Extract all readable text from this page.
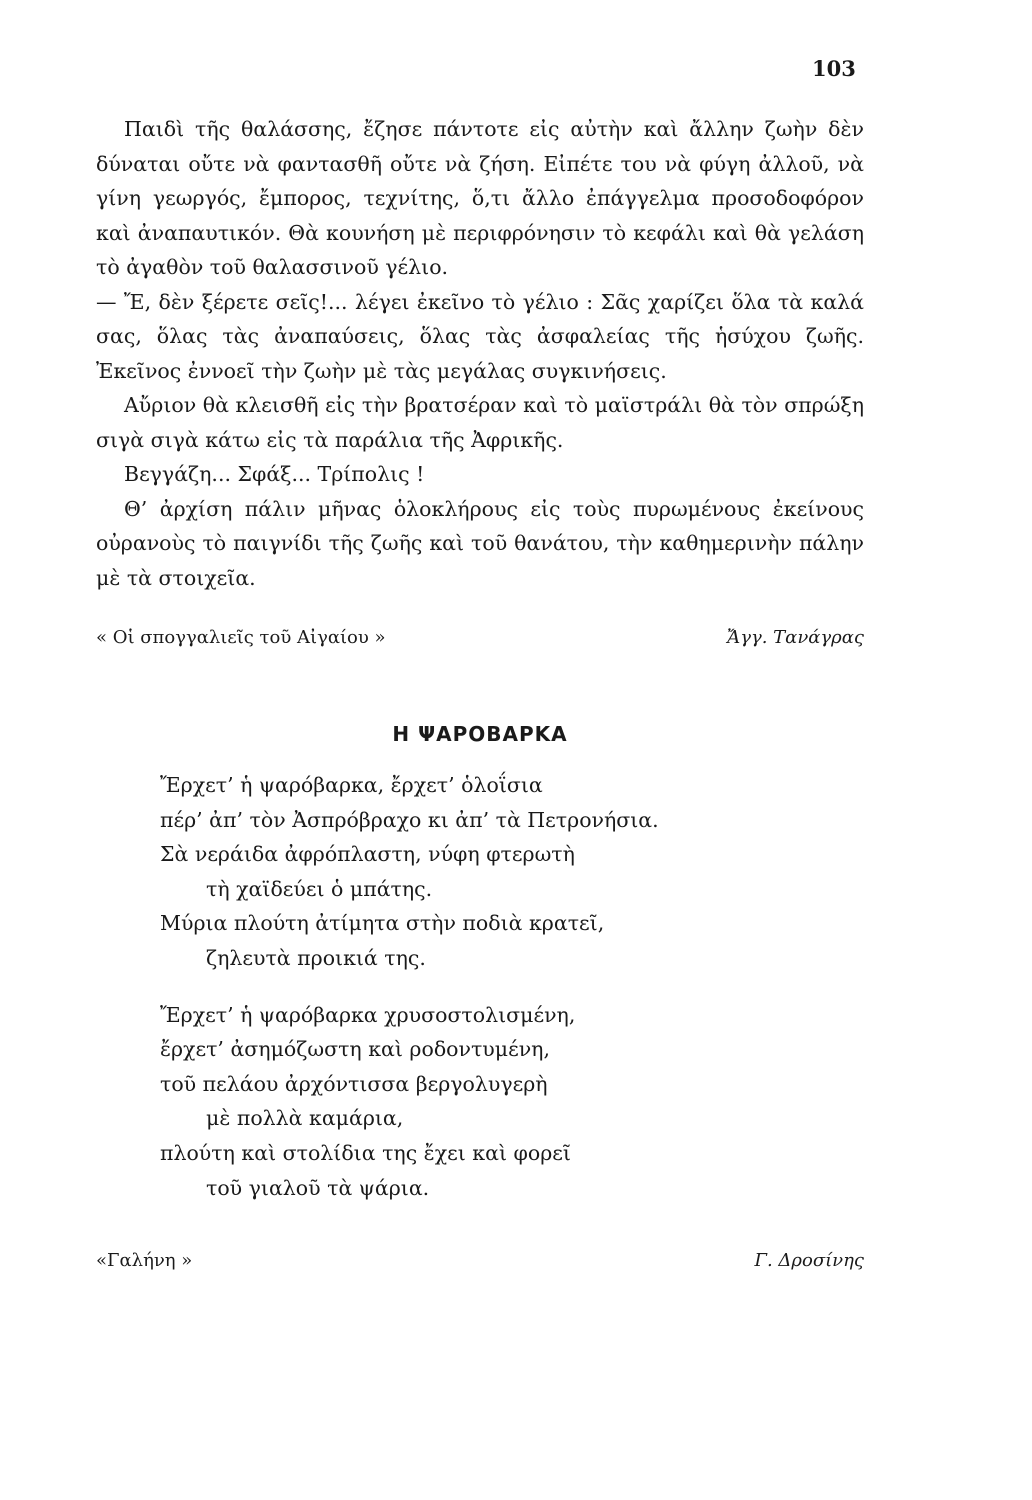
103

Παιδὶ τῆς θαλάσσης, ἔζησε πάντοτε εἰς αὐτὴν καὶ ἄλλην ζωὴν δὲν δύναται οὔτε νὰ φαντασθῆ οὔτε νὰ ζήση. Εἰπέτε του νὰ φύγη ἀλλοῦ, νὰ γίνη γεωργός, ἔμπορος, τεχνίτης, ὅ,τι ἄλλο ἐπάγγελμα προσοδοφόρον καὶ ἀναπαυτικόν. Θὰ κουνήση μὲ περιφρόνησιν τὸ κεφάλι καὶ θὰ γελάση τὸ ἀγαθὸν τοῦ θαλασσινοῦ γέλιο.

— Ἔ, δὲν ξέρετε σεῖς!... λέγει ἐκεῖνο τὸ γέλιο : Σᾶς χαρίζει ὅλα τὰ καλά σας, ὅλας τὰς ἀναπαύσεις, ὅλας τὰς ἀσφαλείας τῆς ἡσύχου ζωῆς. Ἐκεῖνος ἐννοεῖ τὴν ζωὴν μὲ τὰς μεγάλας συγκινήσεις.

Αὔριον θὰ κλεισθῆ εἰς τὴν βρατσέραν καὶ τὸ μαϊστράλι θὰ τὸν σπρώξη σιγὰ σιγὰ κάτω εἰς τὰ παράλια τῆς Ἀφρικῆς.

Βεγγάζη... Σφάξ... Τρίπολις !

Θ’ ἀρχίση πάλιν μῆνας ὁλοκλήρους εἰς τοὺς πυρωμένους ἐκείνους οὐρανοὺς τὸ παιγνίδι τῆς ζωῆς καὶ τοῦ θανάτου, τὴν καθημερινὴν πάλην μὲ τὰ στοιχεῖα.

« Οἱ σπογγαλιεῖς τοῦ Αἰγαίου »	Ἄγγ. Τανάγρας
Η ΨΑΡΟΒΑΡΚΑ
Ἔρχετ’ ἡ ψαρόβαρκα, ἔρχετ’ ὁλοΐσια
πέρ’ ἀπ’ τὸν Ἀσπρόβραχο κι ἀπ’ τὰ Πετρονήσια.
Σὰ νεράιδα ἀφρόπλαστη, νύφη φτερωτὴ
τὴ χαϊδεύει ὁ μπάτης.
Μύρια πλούτη ἀτίμητα στὴν ποδιὰ κρατεῖ,
ζηλευτὰ προικιά της.
Ἔρχετ’ ἡ ψαρόβαρκα χρυσοστολισμένη,
ἔρχετ’ ἀσημόζωστη καὶ ροδοντυμένη,
τοῦ πελάου ἀρχόντισσα βεργολυγερὴ
μὲ πολλὰ καμάρια,
πλούτη καὶ στολίδια της ἔχει καὶ φορεῖ
τοῦ γιαλοῦ τὰ ψάρια.
«Γαλήνη »	Γ. Δροσίνης
